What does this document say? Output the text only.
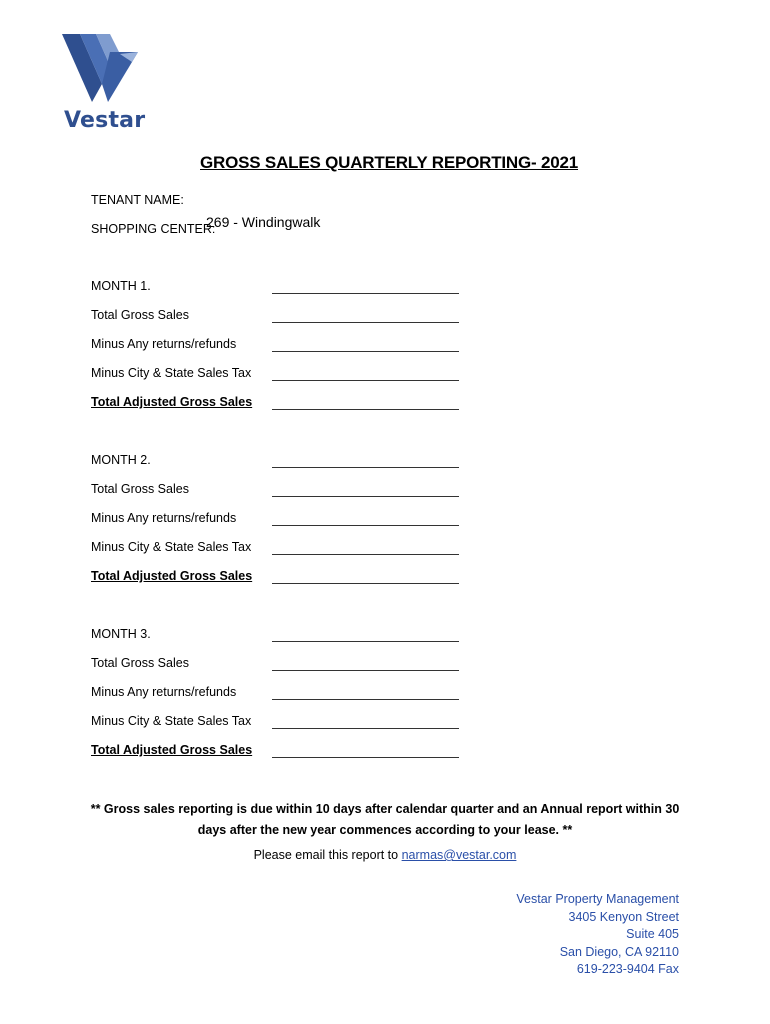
Vestar
GROSS SALES QUARTERLY REPORTING- 2021
TENANT NAME:
SHOPPING CENTER:
269 - Windingwalk
MONTH 1.
Total Gross Sales
Minus Any returns/refunds
Minus City & State Sales Tax
Total Adjusted Gross Sales
MONTH 2.
Total Gross Sales
Minus Any returns/refunds
Minus City & State Sales Tax
Total Adjusted Gross Sales
MONTH 3.
Total Gross Sales
Minus Any returns/refunds
Minus City & State Sales Tax
Total Adjusted Gross Sales
** Gross sales reporting is due within 10 days after calendar quarter and an Annual report within 30
days after the new year commences according to your lease. **
Please email this report to narmas@vestar.com
Vestar Property Management
3405 Kenyon Street
Suite 405
San Diego, CA 92110
619-223-9404 Fax
